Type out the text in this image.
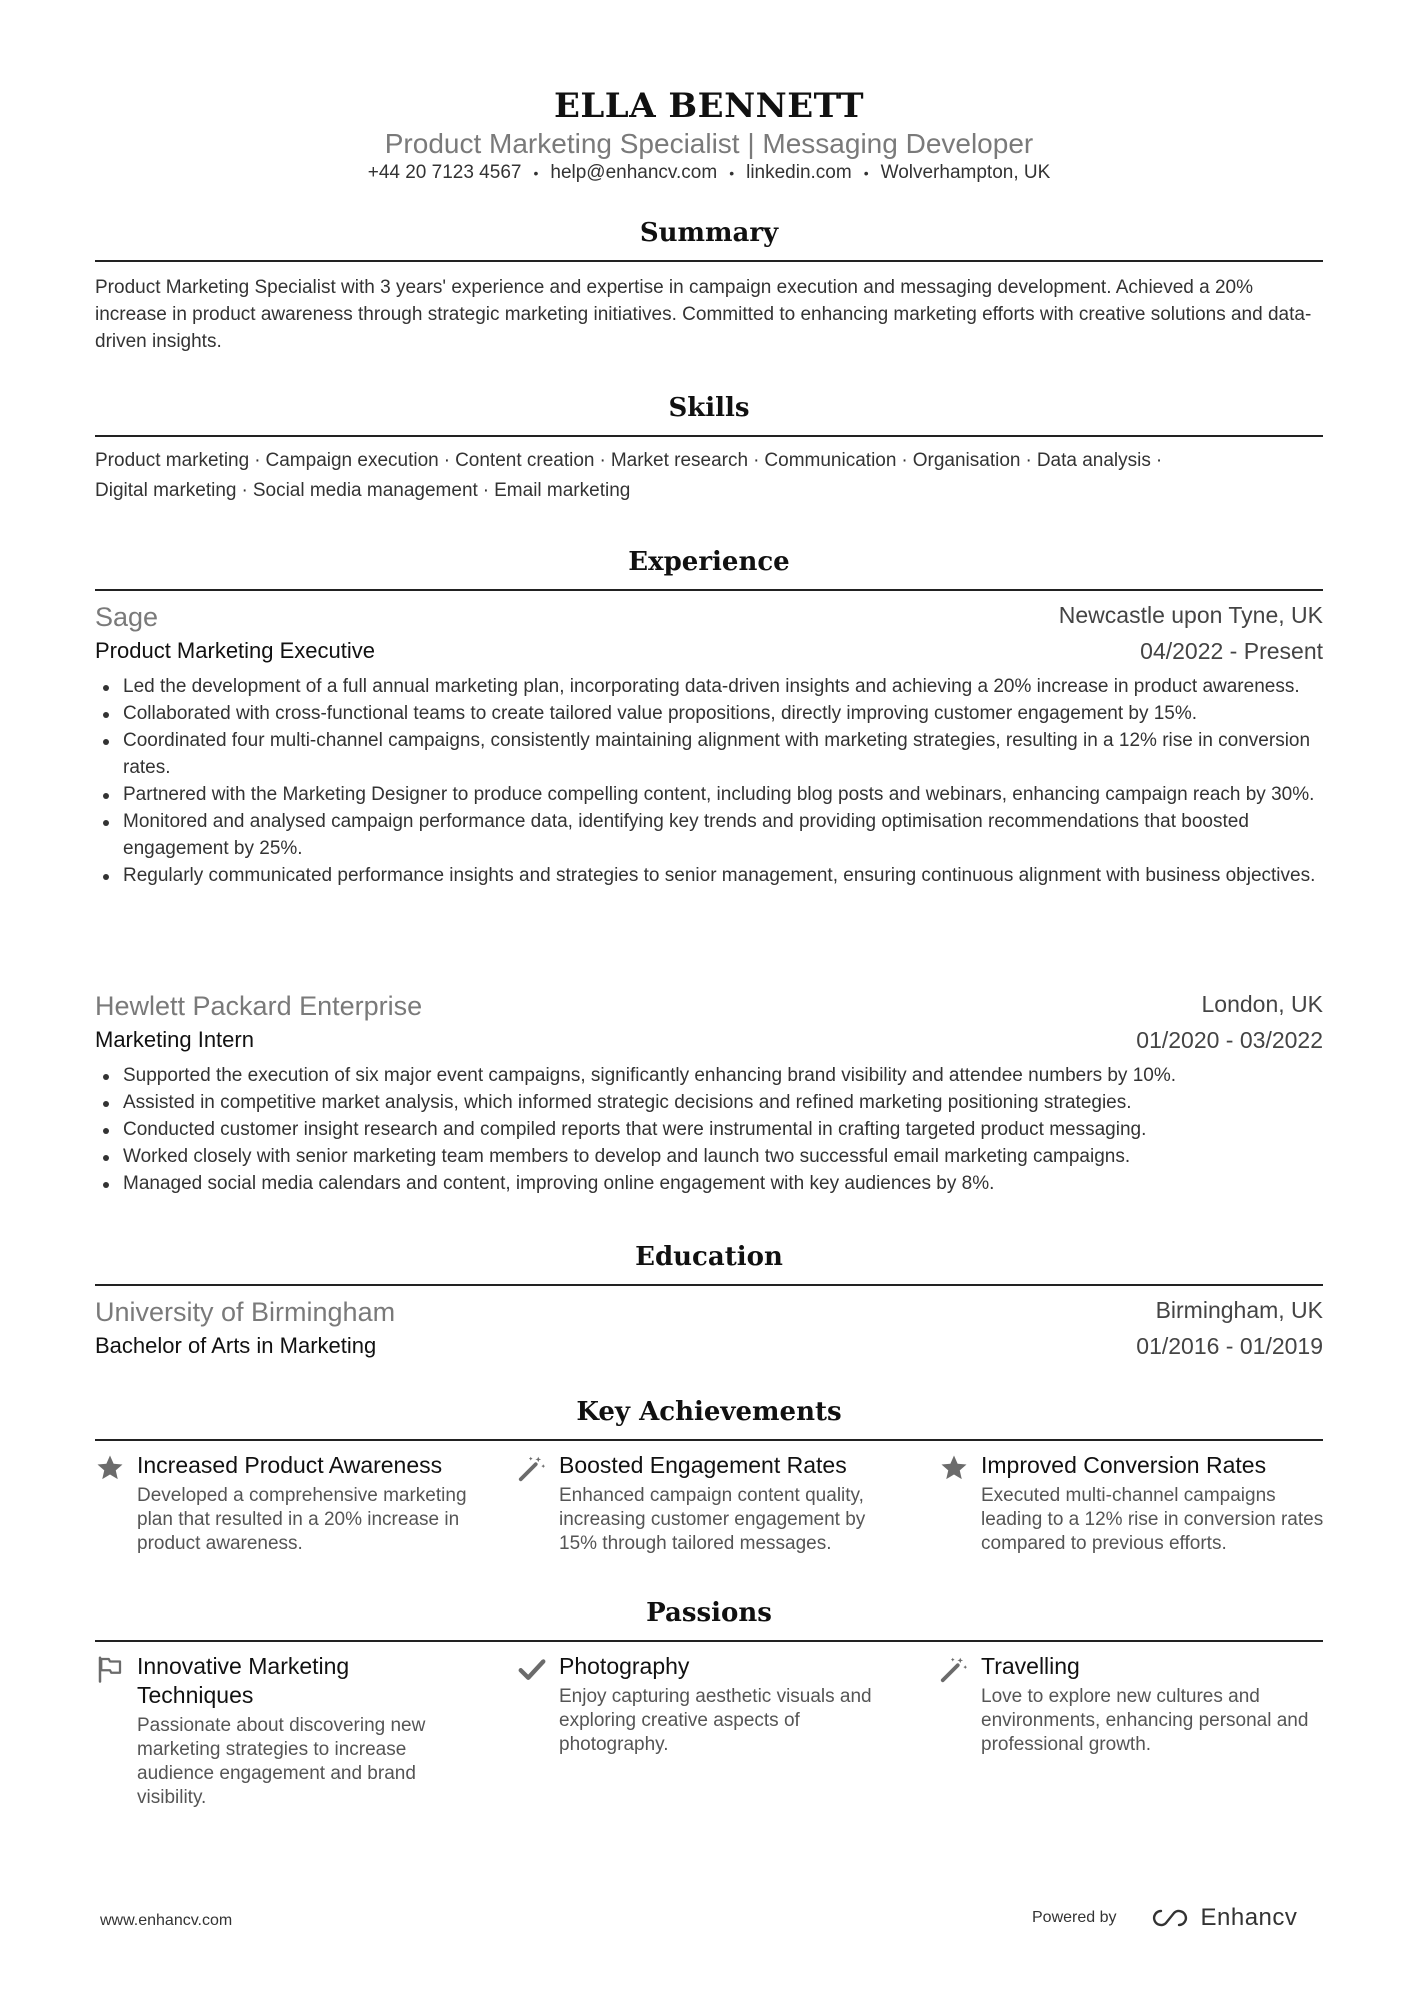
ELLA BENNETT
Product Marketing Specialist | Messaging Developer
+44 20 7123 4567 • help@enhancv.com • linkedin.com • Wolverhampton, UK
Summary
Product Marketing Specialist with 3 years' experience and expertise in campaign execution and messaging development. Achieved a 20% increase in product awareness through strategic marketing initiatives. Committed to enhancing marketing efforts with creative solutions and data-driven insights.
Skills
Product marketing · Campaign execution · Content creation · Market research · Communication · Organisation · Data analysis ·
Digital marketing · Social media management · Email marketing
Experience
Sage	Newcastle upon Tyne, UK
Product Marketing Executive	04/2022 - Present
Led the development of a full annual marketing plan, incorporating data-driven insights and achieving a 20% increase in product awareness.
Collaborated with cross-functional teams to create tailored value propositions, directly improving customer engagement by 15%.
Coordinated four multi-channel campaigns, consistently maintaining alignment with marketing strategies, resulting in a 12% rise in conversion rates.
Partnered with the Marketing Designer to produce compelling content, including blog posts and webinars, enhancing campaign reach by 30%.
Monitored and analysed campaign performance data, identifying key trends and providing optimisation recommendations that boosted engagement by 25%.
Regularly communicated performance insights and strategies to senior management, ensuring continuous alignment with business objectives.
Hewlett Packard Enterprise	London, UK
Marketing Intern	01/2020 - 03/2022
Supported the execution of six major event campaigns, significantly enhancing brand visibility and attendee numbers by 10%.
Assisted in competitive market analysis, which informed strategic decisions and refined marketing positioning strategies.
Conducted customer insight research and compiled reports that were instrumental in crafting targeted product messaging.
Worked closely with senior marketing team members to develop and launch two successful email marketing campaigns.
Managed social media calendars and content, improving online engagement with key audiences by 8%.
Education
University of Birmingham	Birmingham, UK
Bachelor of Arts in Marketing	01/2016 - 01/2019
Key Achievements
Increased Product Awareness
Developed a comprehensive marketing plan that resulted in a 20% increase in product awareness.
Boosted Engagement Rates
Enhanced campaign content quality, increasing customer engagement by 15% through tailored messages.
Improved Conversion Rates
Executed multi-channel campaigns leading to a 12% rise in conversion rates compared to previous efforts.
Passions
Innovative Marketing Techniques
Passionate about discovering new marketing strategies to increase audience engagement and brand visibility.
Photography
Enjoy capturing aesthetic visuals and exploring creative aspects of photography.
Travelling
Love to explore new cultures and environments, enhancing personal and professional growth.
www.enhancv.com	Powered by	Enhancv
